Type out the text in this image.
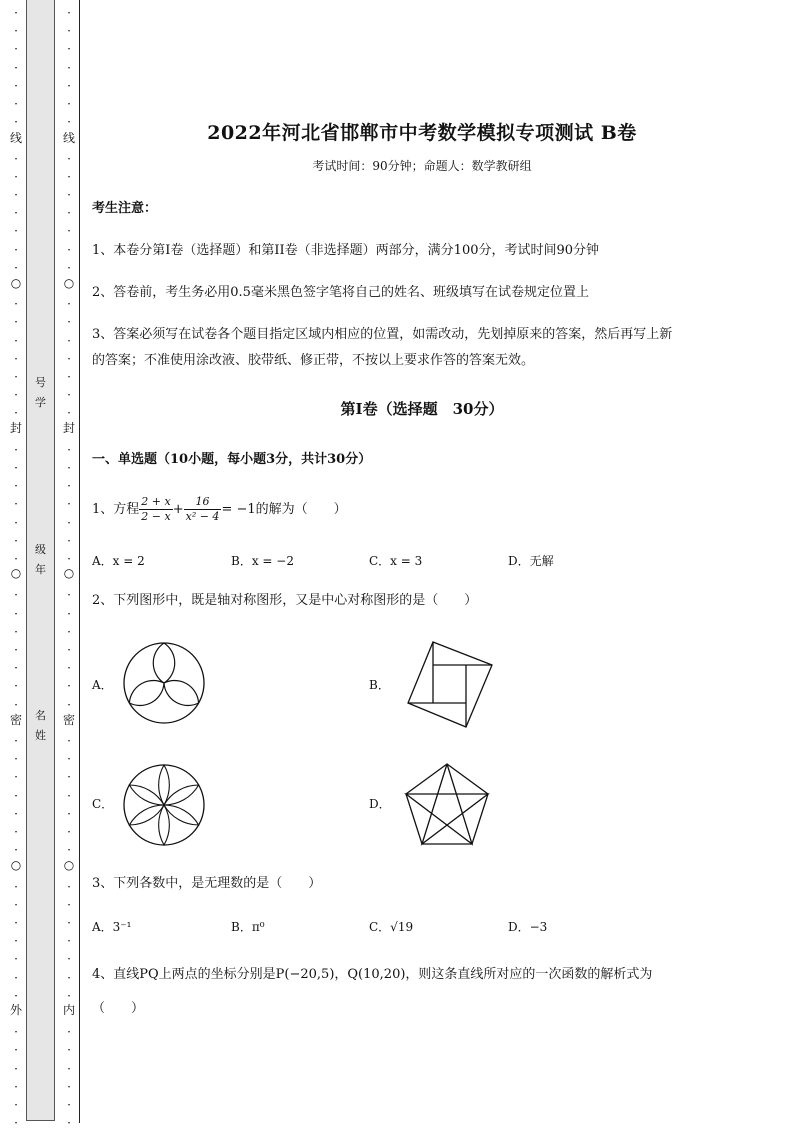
·
·
·
·
·
·
·
·
·
·
·
·
·
·
·
·
·
·
·
·
·
·
·
·
·
·
·
·
·
·
·
·
·
·
·
·
·
·
·
·
·
·
·
·
·
·
·
·
·
·
·
·
·
·
·
线
○
封
○
密
○
外
号
学
级
年
名
姓
·
·
·
·
·
·
·
·
·
·
·
·
·
·
·
·
·
·
·
·
·
·
·
·
·
·
·
·
·
·
·
·
·
·
·
·
·
·
·
·
·
·
·
·
·
·
·
·
·
·
·
·
·
·
·
线
○
封
○
密
○
内
2022年河北省邯郸市中考数学模拟专项测试 B卷
考试时间：90分钟；命题人：数学教研组
考生注意：
1、本卷分第I卷（选择题）和第II卷（非选择题）两部分，满分100分，考试时间90分钟
2、答卷前，考生务必用0.5毫米黑色签字笔将自己的姓名、班级填写在试卷规定位置上
3、答案必须写在试卷各个题目指定区域内相应的位置，如需改动，先划掉原来的答案，然后再写上新
的答案；不准使用涂改液、胶带纸、修正带，不按以上要求作答的答案无效。
第I卷（选择题　30分）
一、单选题（10小题，每小题3分，共计30分）
1、方程 $\frac{2 + x}{2 - x} + \frac{16}{\text{x² − 4}} = -1$的解为（　　）
A．x = 2	B．x = −2	C．x = 3	D．无解
2、下列图形中，既是轴对称图形，又是中心对称图形的是（　　）
A．	B．
C．	D．
3、下列各数中，是无理数的是（　　）
A．3⁻¹	B．π⁰	C．√19	D．−3
4、直线PQ上两点的坐标分别是P(−20,5)，Q(10,20)，则这条直线所对应的一次函数的解析式为
（　　）
